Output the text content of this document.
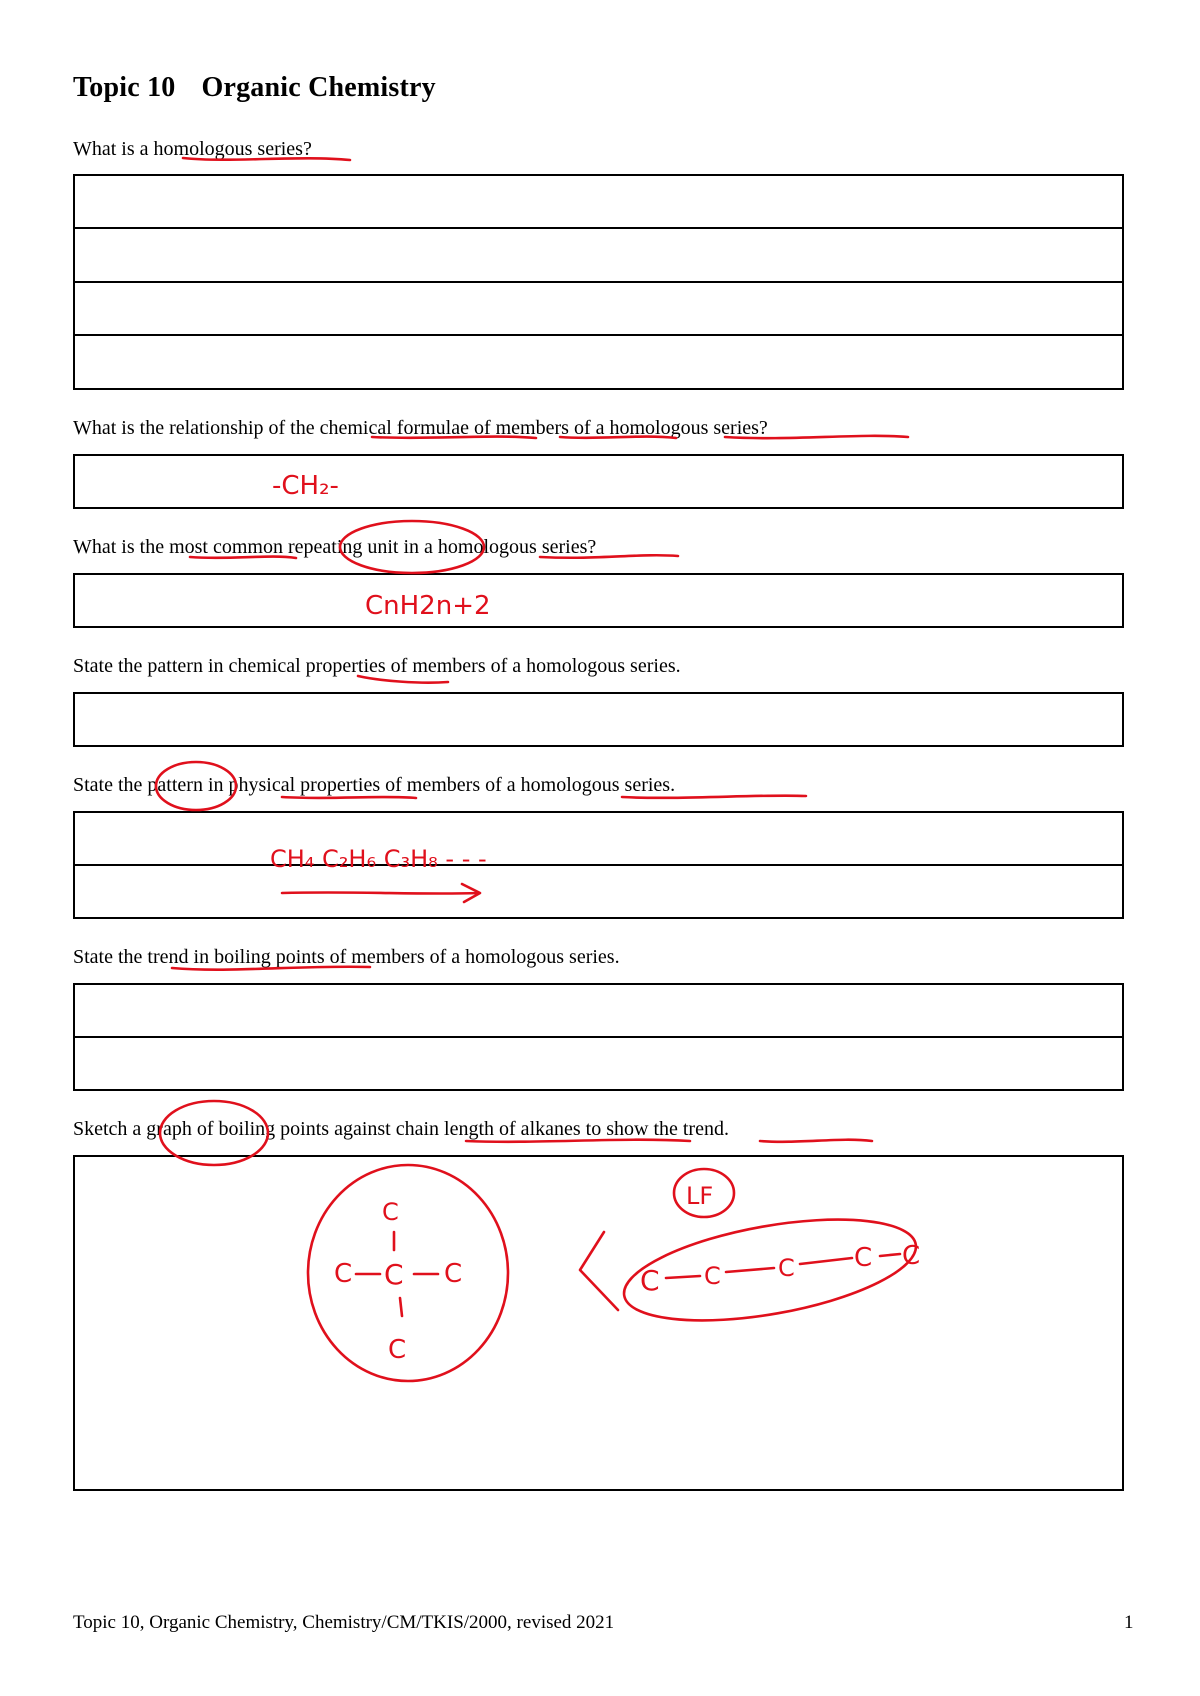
Topic 10 Organic Chemistry
What is a homologous series?
What is the relationship of the chemical formulae of members of a homologous series?
What is the most common repeating unit in a homologous series?
State the pattern in chemical properties of members of a homologous series.
State the pattern in physical properties of members of a homologous series.
State the trend in boiling points of members of a homologous series.
Sketch a graph of boiling points against chain length of alkanes to show the trend.
Topic 10, Organic Chemistry, Chemistry/CM/TKIS/2000, revised 2021	1
-CH₂-
CnH2n+2
CH₄ C₂H₆ C₃H₈ - - -
C
C C C
C
LF
C C C C C
